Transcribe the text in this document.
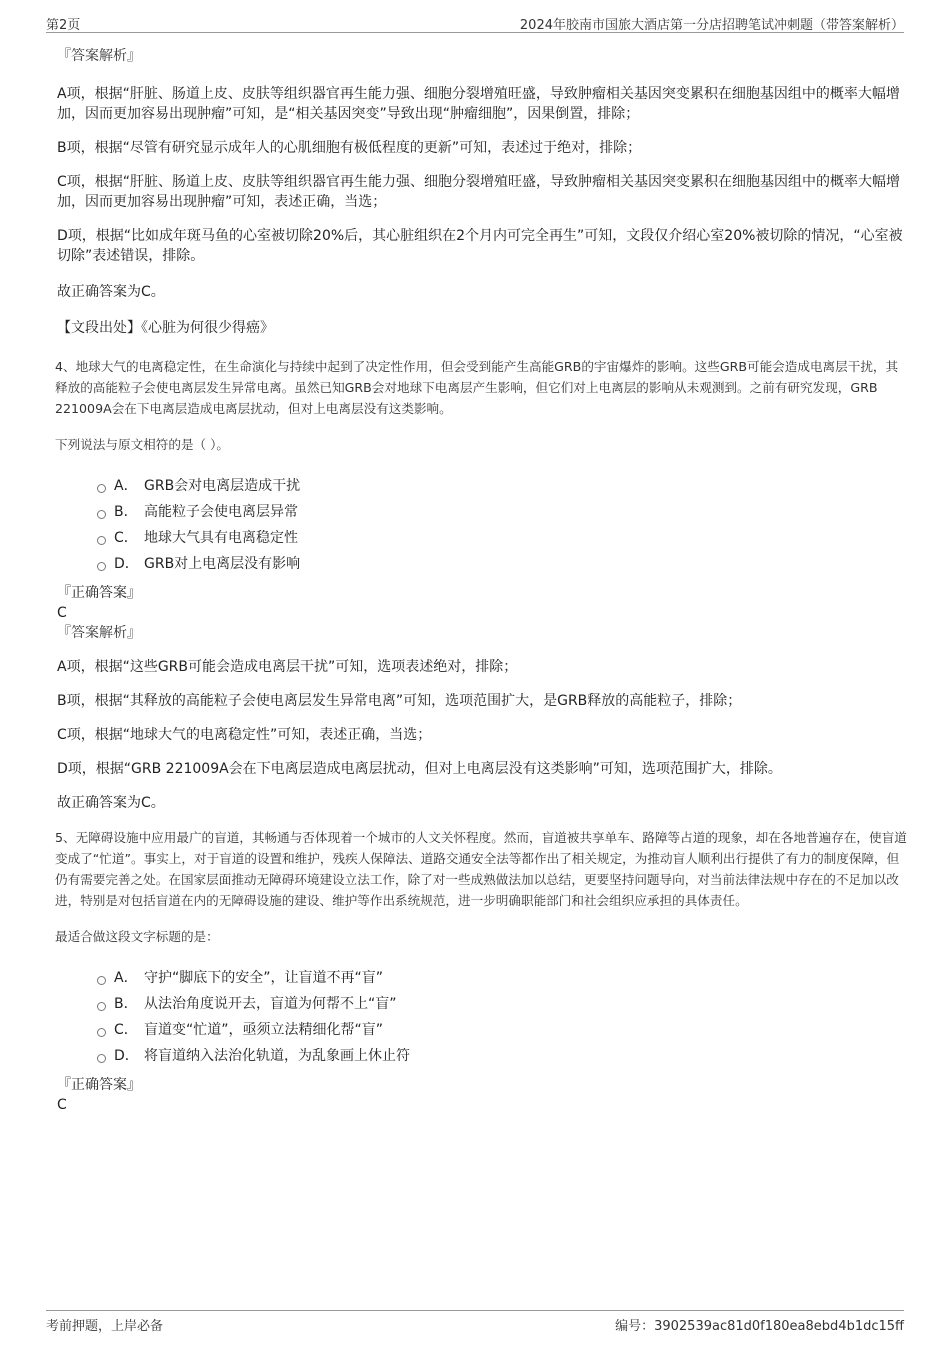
第2页	2024年胶南市国旅大酒店第一分店招聘笔试冲刺题（带答案解析）

『答案解析』

A项，根据“肝脏、肠道上皮、皮肤等组织器官再生能力强、细胞分裂增殖旺盛，导致肿瘤相关基因突变累积在细胞基因组中的概率大幅增加，因而更加容易出现肿瘤”可知，是“相关基因突变”导致出现“肿瘤细胞”，因果倒置，排除；

B项，根据“尽管有研究显示成年人的心肌细胞有极低程度的更新”可知，表述过于绝对，排除；

C项，根据“肝脏、肠道上皮、皮肤等组织器官再生能力强、细胞分裂增殖旺盛，导致肿瘤相关基因突变累积在细胞基因组中的概率大幅增加，因而更加容易出现肿瘤”可知，表述正确，当选；

D项，根据“比如成年斑马鱼的心室被切除20%后，其心脏组织在2个月内可完全再生”可知，文段仅介绍心室20%被切除的情况，“心室被切除”表述错误，排除。

故正确答案为C。

【文段出处】《心脏为何很少得癌》

4、地球大气的电离稳定性，在生命演化与持续中起到了决定性作用，但会受到能产生高能GRB的宇宙爆炸的影响。这些GRB可能会造成电离层干扰，其释放的高能粒子会使电离层发生异常电离。虽然已知GRB会对地球下电离层产生影响，但它们对上电离层的影响从未观测到。之前有研究发现，GRB 221009A会在下电离层造成电离层扰动，但对上电离层没有这类影响。

下列说法与原文相符的是（ ）。

A． GRB会对电离层造成干扰
B． 高能粒子会使电离层异常
C． 地球大气具有电离稳定性
D． GRB对上电离层没有影响

『正确答案』

C

『答案解析』

A项，根据“这些GRB可能会造成电离层干扰”可知，选项表述绝对，排除；

B项，根据“其释放的高能粒子会使电离层发生异常电离”可知，选项范围扩大，是GRB释放的高能粒子，排除；

C项，根据“地球大气的电离稳定性”可知，表述正确，当选；

D项，根据“GRB 221009A会在下电离层造成电离层扰动，但对上电离层没有这类影响”可知，选项范围扩大，排除。

故正确答案为C。

5、无障碍设施中应用最广的盲道，其畅通与否体现着一个城市的人文关怀程度。然而，盲道被共享单车、路障等占道的现象，却在各地普遍存在，使盲道变成了“忙道”。事实上，对于盲道的设置和维护，残疾人保障法、道路交通安全法等都作出了相关规定，为推动盲人顺利出行提供了有力的制度保障，但仍有需要完善之处。在国家层面推动无障碍环境建设立法工作，除了对一些成熟做法加以总结，更要坚持问题导向，对当前法律法规中存在的不足加以改进，特别是对包括盲道在内的无障碍设施的建设、维护等作出系统规范，进一步明确职能部门和社会组织应承担的具体责任。

最适合做这段文字标题的是：

A． 守护“脚底下的安全”，让盲道不再“盲”
B． 从法治角度说开去，盲道为何帮不上“盲”
C． 盲道变“忙道”，亟须立法精细化帮“盲”
D． 将盲道纳入法治化轨道，为乱象画上休止符

『正确答案』

C

考前押题，上岸必备	编号：3902539ac81d0f180ea8ebd4b1dc15ff
